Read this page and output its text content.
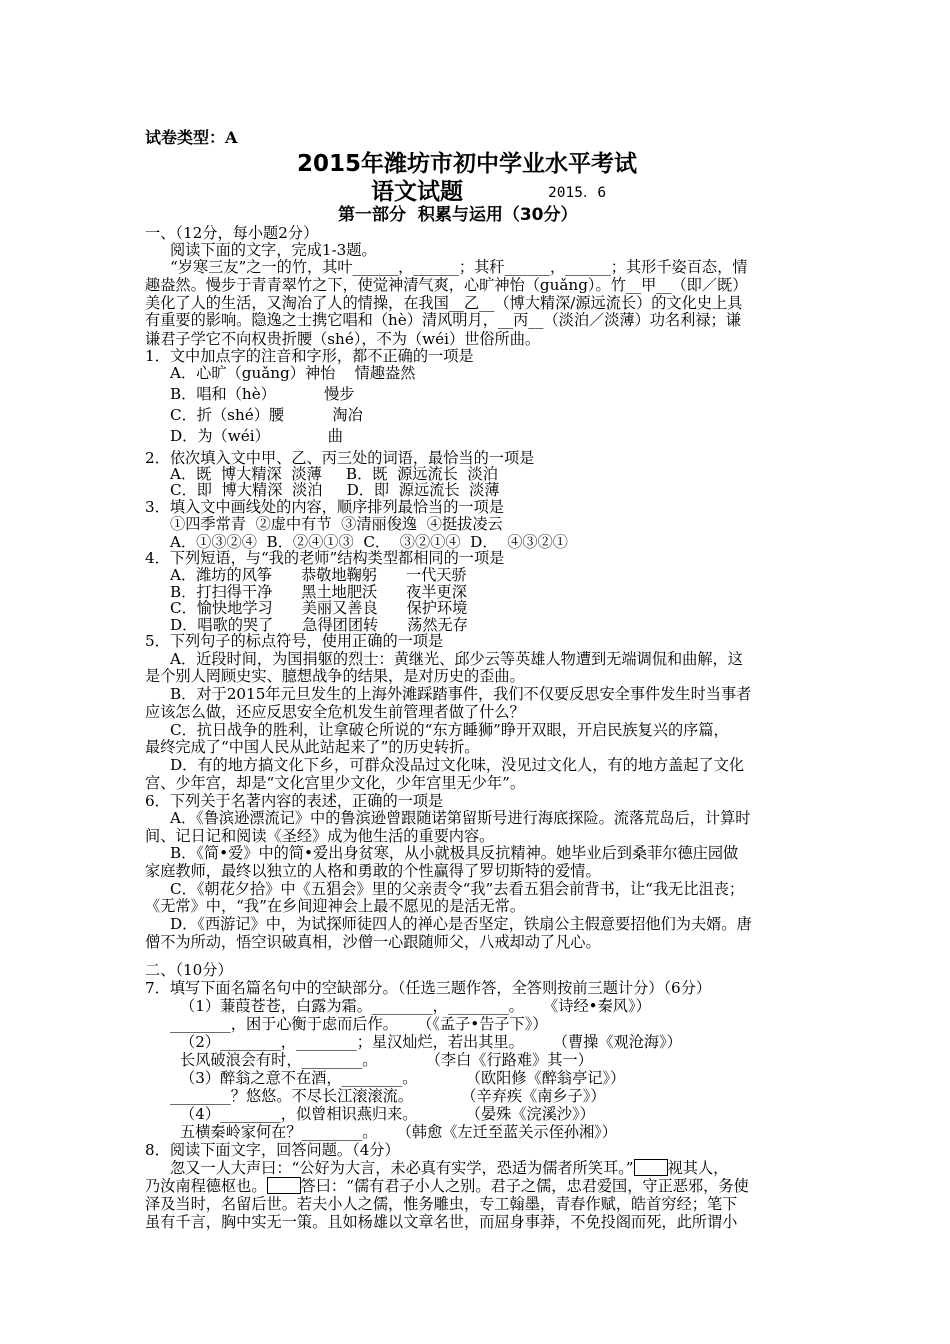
试卷类型：A
2015年潍坊市初中学业水平考试
语文试题	2015．6
第一部分  积累与运用（30分）
一、（12分，每小题2分）
阅读下面的文字，完成1-3题。
“岁寒三友”之一的竹，其叶______，______；其秆______，______；其形千姿百态，情
趣盎然。慢步于青青翠竹之下，使觉神清气爽，心旷神怡（guǎng）。竹__甲__（即／既）
美化了人的生活，又淘冶了人的情操，在我国__乙__（博大精深/源远流长）的文化史上具
有重要的影响。隐逸之士携它唱和（hè）清风明月，__丙__（淡泊／淡薄）功名利禄；谦
谦君子学它不向权贵折腰（shé），不为（wéi）世俗所曲。
1．文中加点字的注音和字形，都不正确的一项是
A．心旷（guǎng）神怡    情趣盎然
B．唱和（hè）          慢步
C．折（shé）腰          淘冶
D．为（wéi）            曲
2．依次填入文中甲、乙、丙三处的词语，最恰当的一项是
A．既  博大精深  淡薄     B．既  源远流长  淡泊
C．即  博大精深  淡泊     D．即  源远流长  淡薄
3．填入文中画线处的内容，顺序排列最恰当的一项是
①四季常青  ②虚中有节  ③清丽俊逸  ④挺拔凌云
A．①③②④  B．②④①③  C．  ③②①④  D．  ④③②①
4．下列短语，与“我的老师”结构类型都相同的一项是
A．潍坊的风筝      恭敬地鞠躬      一代天骄
B．打扫得干净      黑土地肥沃      夜半更深
C．愉快地学习      美丽又善良      保护环境
D．唱歌的哭了      急得团团转      荡然无存
5．下列句子的标点符号，使用正确的一项是
A．近段时间，为国捐躯的烈士：黄继光、邱少云等英雄人物遭到无端调侃和曲解，这
是个别人罔顾史实、臆想战争的结果，是对历史的歪曲。
B．对于2015年元旦发生的上海外滩踩踏事件，我们不仅要反思安全事件发生时当事者
应该怎么做，还应反思安全危机发生前管理者做了什么？
C．抗日战争的胜利，让拿破仑所说的“东方睡狮”睁开双眼，开启民族复兴的序篇，
最终完成了“中国人民从此站起来了”的历史转折。
D．有的地方搞文化下乡，可群众没品过文化味，没见过文化人，有的地方盖起了文化
宫、少年宫，却是“文化宫里少文化，少年宫里无少年”。
6．下列关于名著内容的表述，正确的一项是
A．《鲁滨逊漂流记》中的鲁滨逊曾跟随诺第留斯号进行海底探险。流落荒岛后，计算时
间、记日记和阅读《圣经》成为他生活的重要内容。
B．《简•爱》中的简•爱出身贫寒，从小就极具反抗精神。她毕业后到桑菲尔德庄园做
家庭教师，最终以独立的人格和勇敢的个性赢得了罗切斯特的爱情。
C．《朝花夕拾》中《五猖会》里的父亲责令“我”去看五猖会前背书，让“我无比沮丧；
《无常》中，“我”在乡间迎神会上最不愿见的是活无常。
D．《西游记》中，为试探师徒四人的禅心是否坚定，铁扇公主假意要招他们为夫婿。唐
僧不为所动，悟空识破真相，沙僧一心跟随师父，八戒却动了凡心。
二、（10分）
7．填写下面名篇名句中的空缺部分。（任选三题作答，全答则按前三题计分）（6分）
（1）蒹葭苍苍，白露为霜。________，________。    《诗经•秦风》）
________，困于心衡于虑而后作。    （《孟子•告子下》）
（2）________，________；星汉灿烂，若出其里。      （曹操《观沧海》）
长风破浪会有时，________。          （李白《行路难》其一）
（3）醉翁之意不在酒，________。          （欧阳修《醉翁亭记》）
________？悠悠。不尽长江滚滚流。          （辛弃疾《南乡子》）
（4）________，似曾相识燕归来。          （晏殊《浣溪沙》）
五横秦岭家何在？________。    （韩愈《左迁至蓝关示侄孙湘》）
8．阅读下面文字，回答问题。（4分）
忽又一人大声曰：“公好为大言，未必真有实学，恐适为儒者所笑耳。” 视其人，
乃汝南程德枢也。 答曰：“儒有君子小人之别。君子之儒，忠君爱国，守正恶邪，务使
泽及当时，名留后世。若夫小人之儒，惟务雕虫，专工翰墨，青春作赋，皓首穷经；笔下
虽有千言，胸中实无一策。且如杨雄以文章名世，而屈身事莽，不免投阁而死，此所谓小
